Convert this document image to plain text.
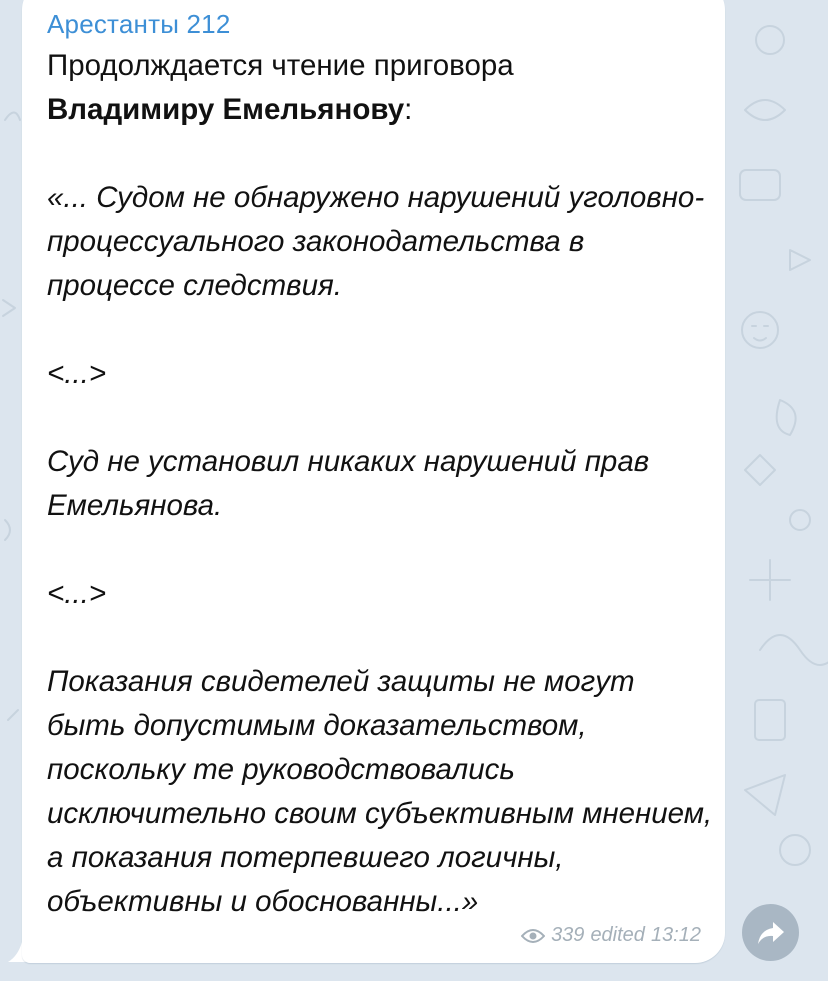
Арестанты 212

Продолждается чтение приговора
Владимиру Емельянову:

«... Судом не обнаружено нарушений уголовно-процессуального законодательства в процессе следствия.

<...>

Суд не установил никаких нарушений прав Емельянова.

<...>

Показания свидетелей защиты не могут быть допустимым доказательством, поскольку те руководствовались исключительно своим субъективным мнением, а показания потерпевшего логичны, объективны и обоснованны...»

339 edited 13:12
